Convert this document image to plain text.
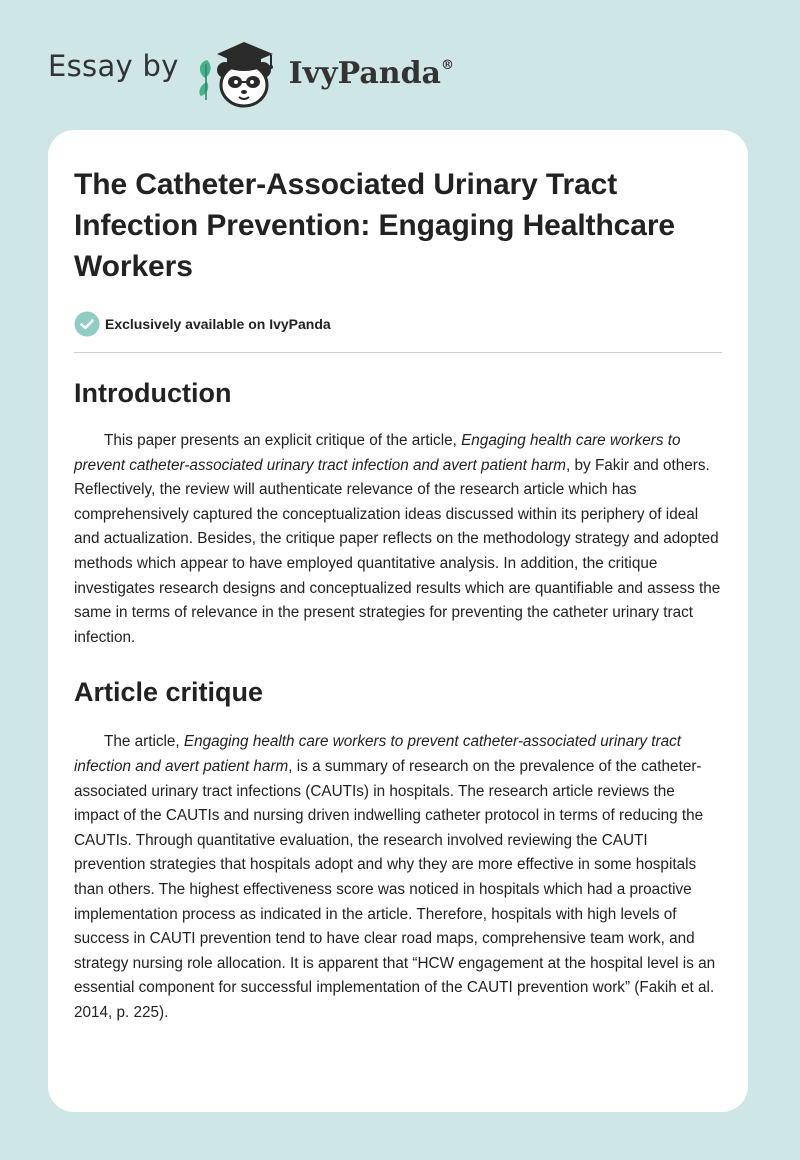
Essay by	IvyPanda®
The Catheter-Associated Urinary Tract Infection Prevention: Engaging Healthcare Workers
Exclusively available on IvyPanda
Introduction

This paper presents an explicit critique of the article, Engaging health care workers to prevent catheter-associated urinary tract infection and avert patient harm, by Fakir and others. Reflectively, the review will authenticate relevance of the research article which has comprehensively captured the conceptualization ideas discussed within its periphery of ideal and actualization. Besides, the critique paper reflects on the methodology strategy and adopted methods which appear to have employed quantitative analysis. In addition, the critique investigates research designs and conceptualized results which are quantifiable and assess the same in terms of relevance in the present strategies for preventing the catheter urinary tract infection.

Article critique

The article, Engaging health care workers to prevent catheter-associated urinary tract infection and avert patient harm, is a summary of research on the prevalence of the catheter-associated urinary tract infections (CAUTIs) in hospitals. The research article reviews the impact of the CAUTIs and nursing driven indwelling catheter protocol in terms of reducing the CAUTIs. Through quantitative evaluation, the research involved reviewing the CAUTI prevention strategies that hospitals adopt and why they are more effective in some hospitals than others. The highest effectiveness score was noticed in hospitals which had a proactive implementation process as indicated in the article. Therefore, hospitals with high levels of success in CAUTI prevention tend to have clear road maps, comprehensive team work, and strategy nursing role allocation. It is apparent that “HCW engagement at the hospital level is an essential component for successful implementation of the CAUTI prevention work” (Fakih et al. 2014, p. 225).
